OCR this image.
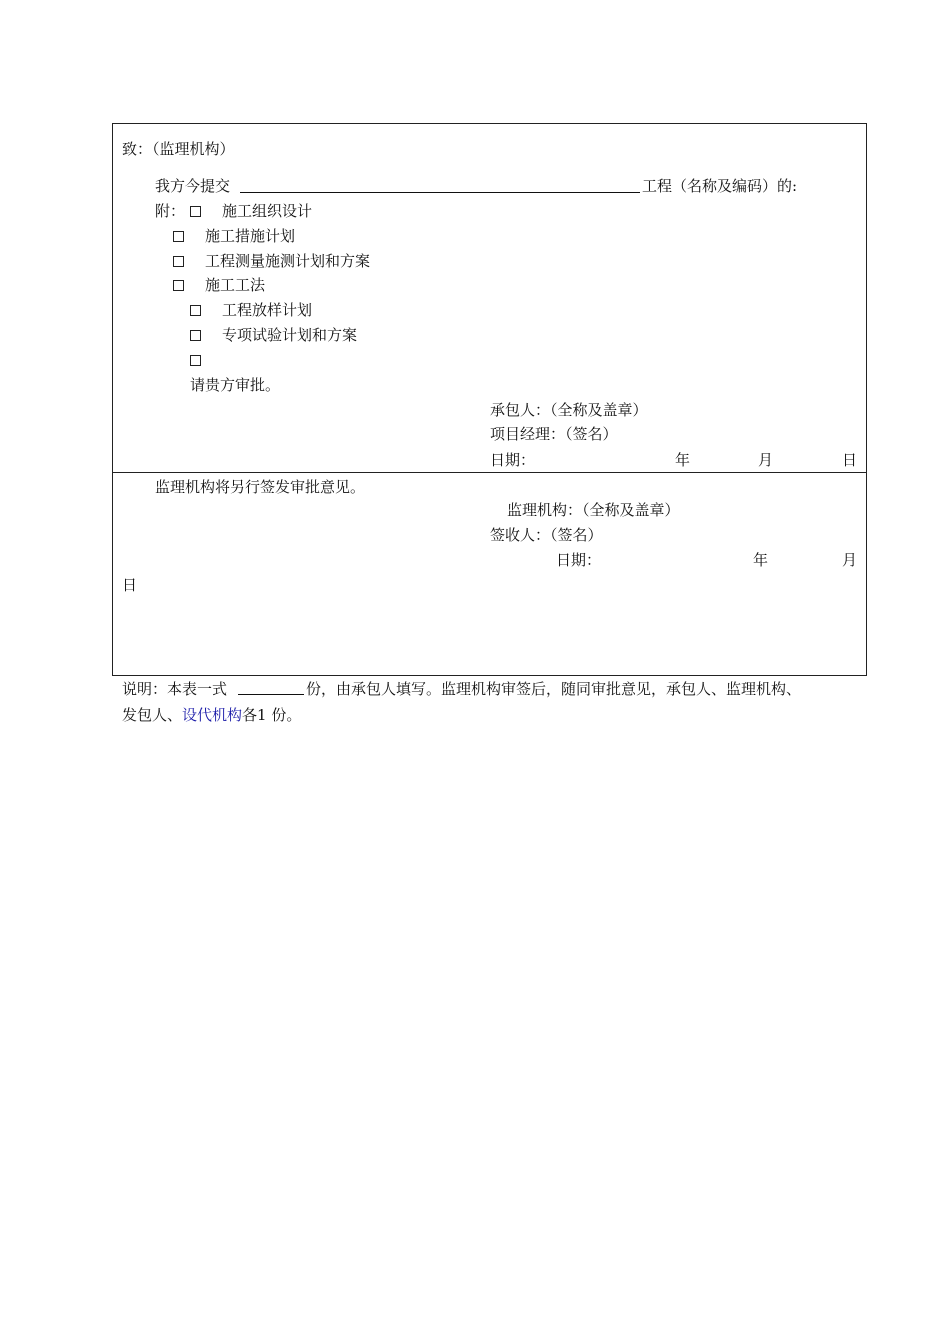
致：（监理机构）
我方今提交	工程（名称及编码）的:
附： 施工组织设计
施工措施计划
工程测量施测计划和方案
施工工法
工程放样计划
专项试验计划和方案
请贵方审批。
承包人：（全称及盖章）
项目经理：（签名）
日期：	年	月	日
监理机构将另行签发审批意见。
监理机构：（全称及盖章）
签收人：（签名）
日期：	年	月
日
说明：本表一式	份，由承包人填写。监理机构审签后，随同审批意见，承包人、监理机构、
发包人、设代机构各1 份。
